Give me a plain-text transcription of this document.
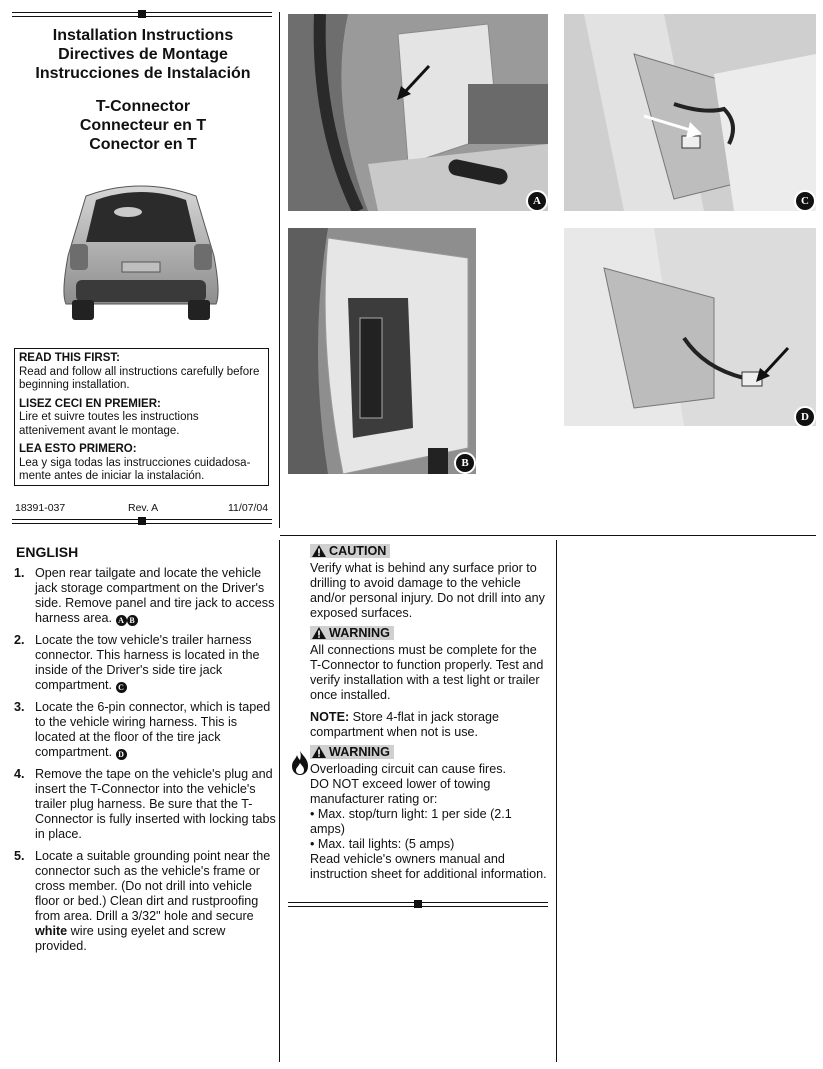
Installation Instructions
Directives de Montage
Instrucciones de Instalación
T-Connector
Connecteur en T
Conector en T
READ THIS FIRST:
Read and follow all instructions carefully before beginning installation.
LISEZ CECI EN PREMIER:
Lire et suivre toutes les instructions attenivement avant le montage.
LEA ESTO PRIMERO:
Lea y siga todas las instrucciones cuidadosa-mente antes de iniciar la instalación.
18391-037	Rev. A	11/07/04
A
B
C
D
ENGLISH
1. Open rear tailgate and locate the vehicle jack storage compartment on the Driver's side. Remove panel and tire jack to access harness area. A B
2. Locate the tow vehicle's trailer harness connector. This harness is located in the inside of the Driver's side tire jack compartment. C
3. Locate the 6-pin connector, which is taped to the vehicle wiring harness. This is located at the floor of the tire jack compartment. D
4. Remove the tape on the vehicle's plug and insert the T-Connector into the vehicle's trailer plug harness. Be sure that the T-Connector is fully inserted with locking tabs in place.
5. Locate a suitable grounding point near the connector such as the vehicle's frame or cross member. (Do not drill into vehicle floor or bed.) Clean dirt and rustproofing from area. Drill a 3/32" hole and secure white wire using eyelet and screw provided.
CAUTION
Verify what is behind any surface prior to drilling to avoid damage to the vehicle and/or personal injury. Do not drill into any exposed surfaces.
WARNING
All connections must be complete for the T-Connector to function properly. Test and verify installation with a test light or trailer once installed.
NOTE: Store 4-flat in jack storage compartment when not is use.
WARNING
Overloading circuit can cause fires.
DO NOT exceed lower of towing manufacturer rating or:
• Max. stop/turn light: 1 per side (2.1 amps)
• Max. tail lights: (5 amps)
Read vehicle's owners manual and instruction sheet for additional information.
